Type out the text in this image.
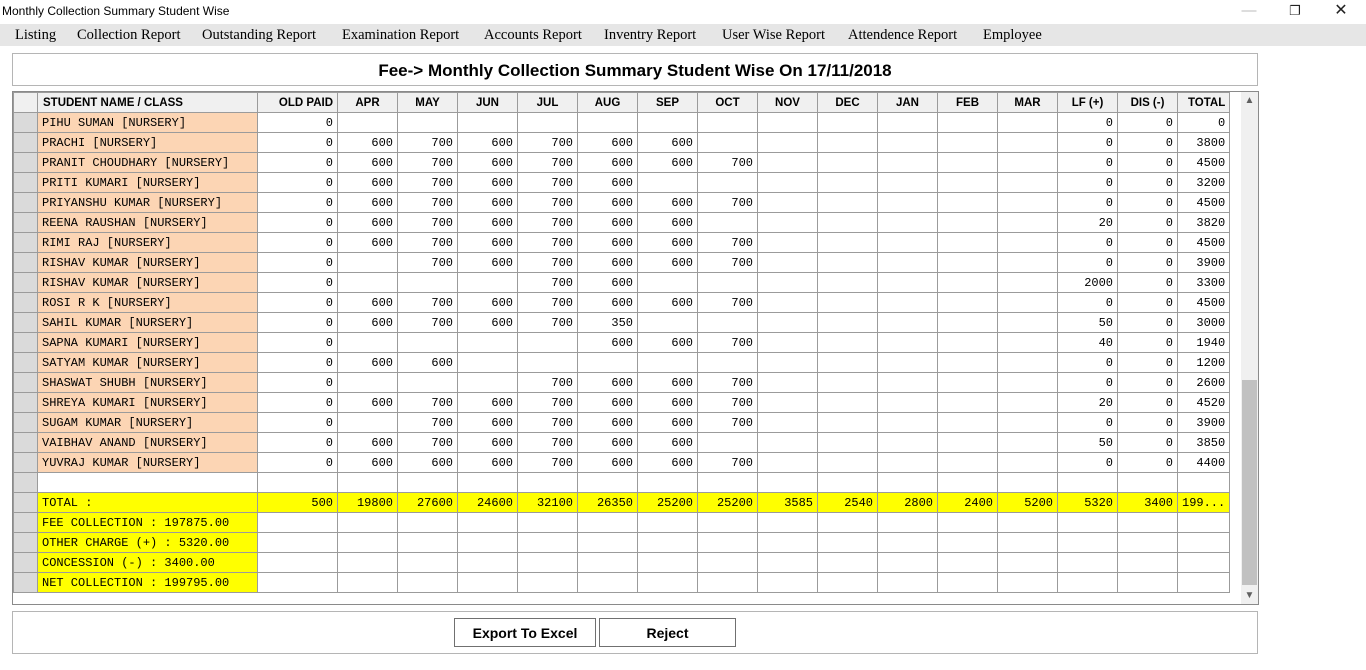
Monthly Collection Summary Student Wise	—	❐	✕
Listing Collection Report Outstanding Report Examination Report Accounts Report Inventry Report User Wise Report Attendence Report Employee
Fee-> Monthly Collection Summary Student Wise On 17/11/2018
	STUDENT NAME / CLASS	OLD PAID	APR	MAY	JUN	JUL	AUG	SEP	OCT	NOV	DEC	JAN	FEB	MAR	LF (+)	DIS (-)	TOTAL
	PIHU SUMAN [NURSERY]	0													0	0	0
	PRACHI [NURSERY]	0	600	700	600	700	600	600							0	0	3800
	PRANIT CHOUDHARY [NURSERY]	0	600	700	600	700	600	600	700						0	0	4500
	PRITI KUMARI [NURSERY]	0	600	700	600	700	600								0	0	3200
	PRIYANSHU KUMAR [NURSERY]	0	600	700	600	700	600	600	700						0	0	4500
	REENA RAUSHAN [NURSERY]	0	600	700	600	700	600	600							20	0	3820
	RIMI RAJ [NURSERY]	0	600	700	600	700	600	600	700						0	0	4500
	RISHAV KUMAR [NURSERY]	0		700	600	700	600	600	700						0	0	3900
	RISHAV KUMAR [NURSERY]	0				700	600								2000	0	3300
	ROSI R K [NURSERY]	0	600	700	600	700	600	600	700						0	0	4500
	SAHIL KUMAR [NURSERY]	0	600	700	600	700	350								50	0	3000
	SAPNA KUMARI [NURSERY]	0					600	600	700						40	0	1940
	SATYAM KUMAR [NURSERY]	0	600	600											0	0	1200
	SHASWAT SHUBH [NURSERY]	0				700	600	600	700						0	0	2600
	SHREYA KUMARI [NURSERY]	0	600	700	600	700	600	600	700						20	0	4520
	SUGAM KUMAR [NURSERY]	0		700	600	700	600	600	700						0	0	3900
	VAIBHAV ANAND [NURSERY]	0	600	700	600	700	600	600							50	0	3850
	YUVRAJ KUMAR [NURSERY]	0	600	600	600	700	600	600	700						0	0	4400

	TOTAL :	500	19800	27600	24600	32100	26350	25200	25200	3585	2540	2800	2400	5200	5320	3400	199...
	FEE COLLECTION : 197875.00																
	OTHER CHARGE (+) : 5320.00																
	CONCESSION (-) : 3400.00																
	NET COLLECTION : 199795.00																
▲
▼
Export To Excel	Reject
